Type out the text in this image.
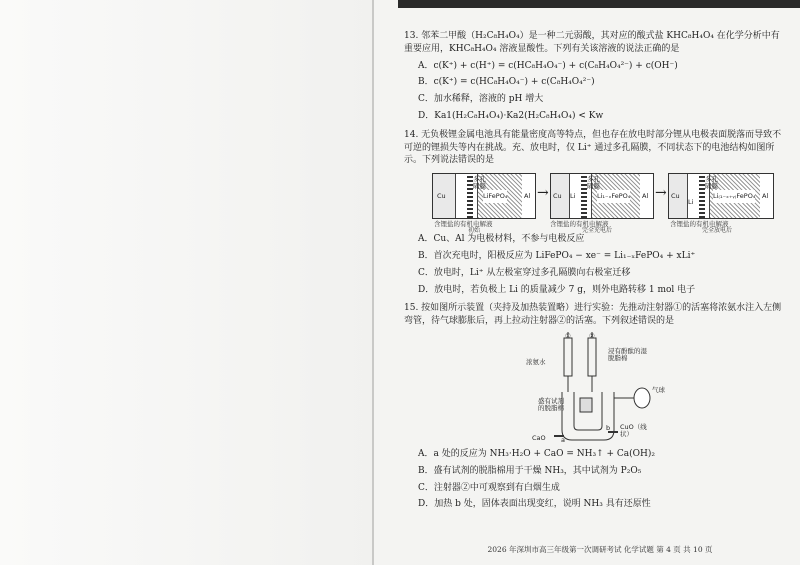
13. 邻苯二甲酸（H₂C₈H₄O₄）是一种二元弱酸，其对应的酸式盐 KHC₈H₄O₄ 在化学分析中有重要应用，KHC₈H₄O₄ 溶液显酸性。下列有关该溶液的说法正确的是
A．c(K⁺) + c(H⁺) = c(HC₈H₄O₄⁻) + c(C₈H₄O₄²⁻) + c(OH⁻)
B．c(K⁺) = c(HC₈H₄O₄⁻) + c(C₈H₄O₄²⁻)
C．加水稀释，溶液的 pH 增大
D．Ka1(H₂C₈H₄O₄)·Ka2(H₂C₈H₄O₄) < Kw
14. 无负极锂金属电池具有能量密度高等特点，但也存在放电时部分锂从电极表面脱落而导致不可逆的锂损失等内在挑战。充、放电时，仅 Li⁺ 通过多孔隔膜，不同状态下的电池结构如图所示。下列说法错误的是
Cu
多孔隔膜
LiFePO₄	Al → Cu Li
多孔隔膜
Li₁₋ₓFePO₄ Al → Cu
Li
多孔隔膜
Li₍₁₋ₓ₊ᵧ₎FePO₄ Al
含锂盐的有机电解液
初始
含锂盐的有机电解液
完全充电后
含锂盐的有机电解液
完全放电后
A．Cu、Al 为电极材料，不参与电极反应
B．首次充电时，阳极反应为 LiFePO₄ − xe⁻ = Li₁₋ₓFePO₄ + xLi⁺
C．放电时，Li⁺ 从左极室穿过多孔隔膜向右极室迁移
D．放电时，若负极上 Li 的质量减少 7 g，则外电路转移 1 mol 电子
15. 按如图所示装置（夹持及加热装置略）进行实验：先推动注射器①的活塞将浓氨水注入左侧弯管，待气球膨胀后，再上拉动注射器②的活塞。下列叙述错误的是
①	②
浓氨水
浸有酚酞的湿脱脂棉
气球
盛有试剂的脱脂棉
a
b
CaO
CuO（线状）
A．a 处的反应为 NH₃·H₂O + CaO = NH₃↑ + Ca(OH)₂
B．盛有试剂的脱脂棉用于干燥 NH₃，其中试剂为 P₂O₅
C．注射器②中可观察到有白烟生成
D．加热 b 处，固体表面出现变红，说明 NH₃ 具有还原性
2026 年深圳市高三年级第一次调研考试 化学试题 第 4 页 共 10 页
